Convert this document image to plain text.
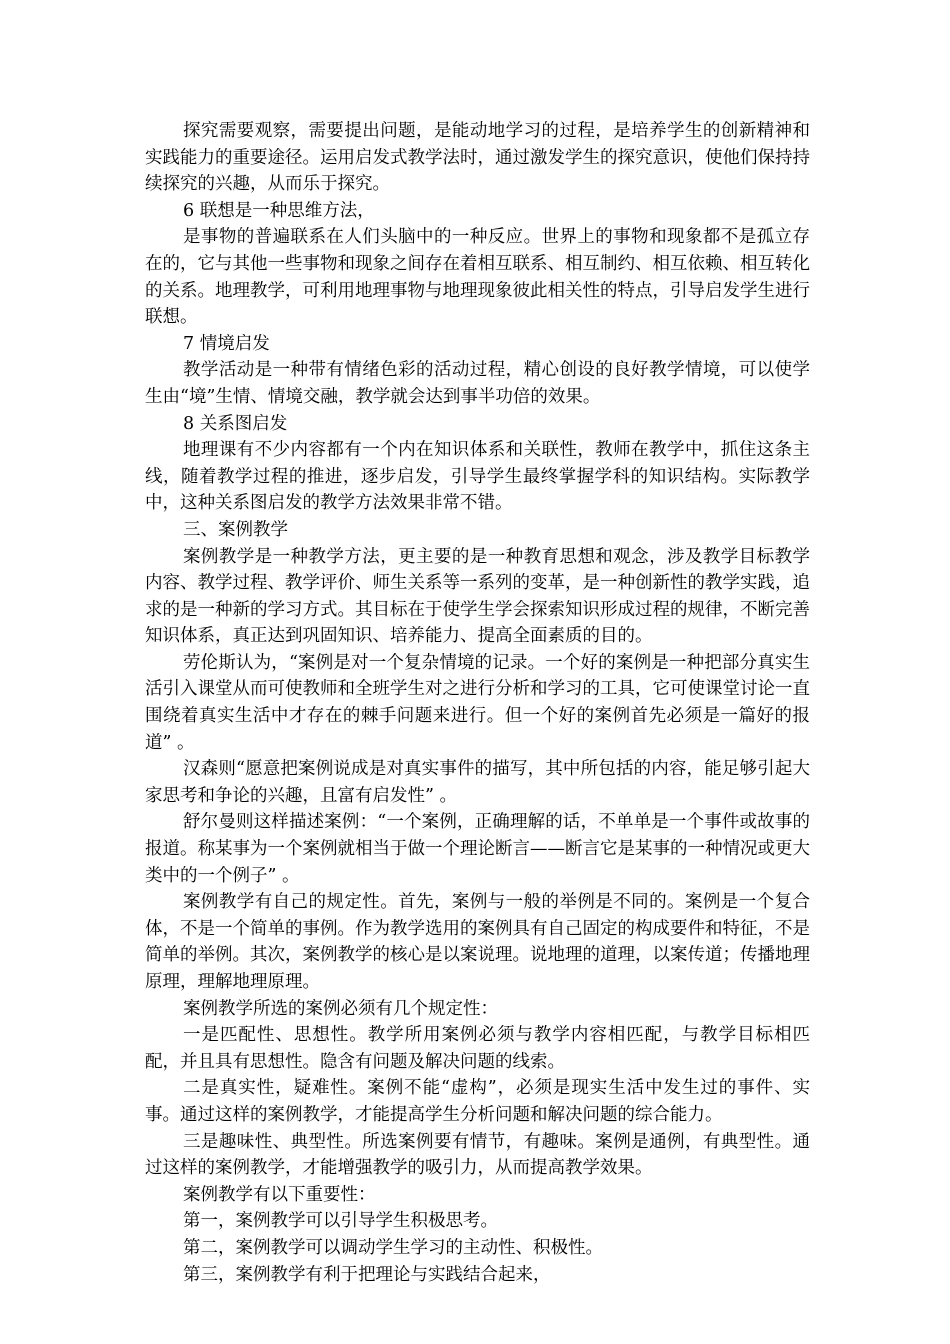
探究需要观察，需要提出问题，是能动地学习的过程，是培养学生的创新精神和实践能力的重要途径。运用启发式教学法时，通过激发学生的探究意识，使他们保持持续探究的兴趣，从而乐于探究。

6 联想是一种思维方法，

是事物的普遍联系在人们头脑中的一种反应。世界上的事物和现象都不是孤立存在的，它与其他一些事物和现象之间存在着相互联系、相互制约、相互依赖、相互转化的关系。地理教学，可利用地理事物与地理现象彼此相关性的特点，引导启发学生进行联想。

7 情境启发

教学活动是一种带有情绪色彩的活动过程，精心创设的良好教学情境，可以使学生由“境”生情、情境交融，教学就会达到事半功倍的效果。

8 关系图启发

地理课有不少内容都有一个内在知识体系和关联性，教师在教学中，抓住这条主线，随着教学过程的推进，逐步启发，引导学生最终掌握学科的知识结构。实际教学中，这种关系图启发的教学方法效果非常不错。

三、案例教学

案例教学是一种教学方法，更主要的是一种教育思想和观念，涉及教学目标教学内容、教学过程、教学评价、师生关系等一系列的变革，是一种创新性的教学实践，追求的是一种新的学习方式。其目标在于使学生学会探索知识形成过程的规律，不断完善知识体系，真正达到巩固知识、培养能力、提高全面素质的目的。

劳伦斯认为，“案例是对一个复杂情境的记录。一个好的案例是一种把部分真实生活引入课堂从而可使教师和全班学生对之进行分析和学习的工具，它可使课堂讨论一直围绕着真实生活中才存在的棘手问题来进行。但一个好的案例首先必须是一篇好的报道” 。

汉森则“愿意把案例说成是对真实事件的描写，其中所包括的内容，能足够引起大家思考和争论的兴趣，且富有启发性” 。

舒尔曼则这样描述案例：“一个案例，正确理解的话，不单单是一个事件或故事的报道。称某事为一个案例就相当于做一个理论断言——断言它是某事的一种情况或更大类中的一个例子” 。

案例教学有自己的规定性。首先，案例与一般的举例是不同的。案例是一个复合体，不是一个简单的事例。作为教学选用的案例具有自己固定的构成要件和特征，不是简单的举例。其次，案例教学的核心是以案说理。说地理的道理，以案传道；传播地理原理，理解地理原理。

案例教学所选的案例必须有几个规定性：

一是匹配性、思想性。教学所用案例必须与教学内容相匹配，与教学目标相匹配，并且具有思想性。隐含有问题及解决问题的线索。

二是真实性，疑难性。案例不能“虚构”，必须是现实生活中发生过的事件、实事。通过这样的案例教学，才能提高学生分析问题和解决问题的综合能力。

三是趣味性、典型性。所选案例要有情节，有趣味。案例是通例，有典型性。通过这样的案例教学，才能增强教学的吸引力，从而提高教学效果。

案例教学有以下重要性：

第一，案例教学可以引导学生积极思考。

第二，案例教学可以调动学生学习的主动性、积极性。

第三，案例教学有利于把理论与实践结合起来，
